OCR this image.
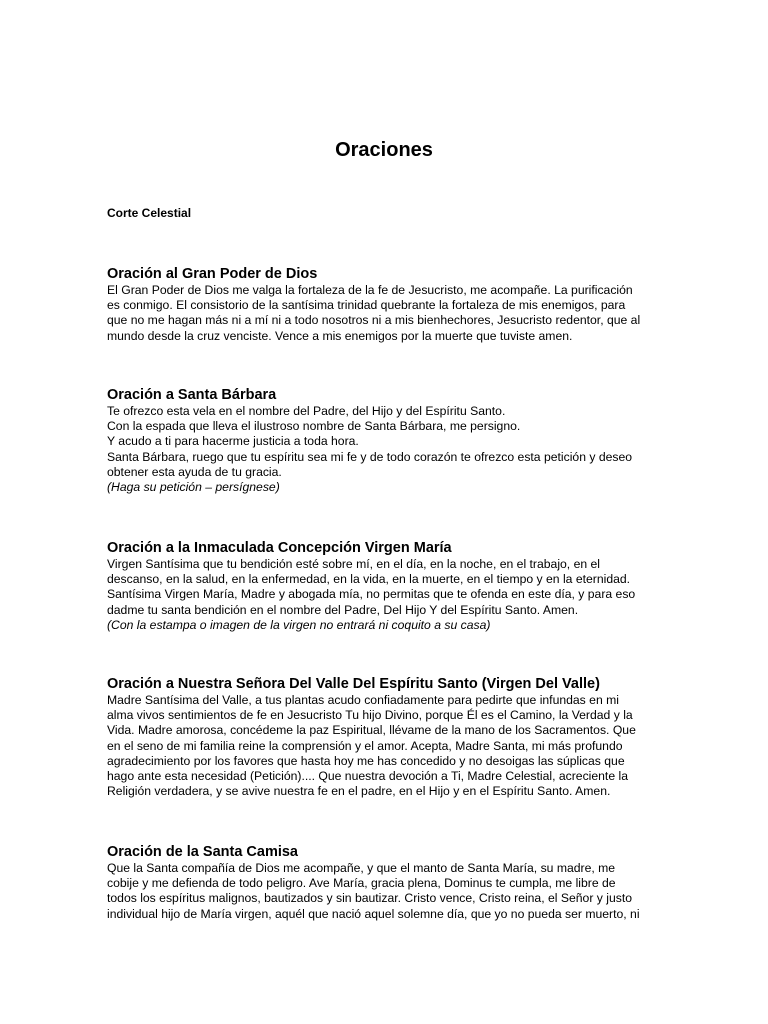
Oraciones
Corte Celestial
Oración al Gran Poder de Dios
El Gran Poder de Dios me valga la fortaleza de la fe de Jesucristo, me acompañe. La purificación
es conmigo. El consistorio de la santísima trinidad quebrante la fortaleza de mis enemigos, para
que no me hagan más ni a mí ni a todo nosotros ni a mis bienhechores, Jesucristo redentor, que al
mundo desde la cruz venciste. Vence a mis enemigos por la muerte que tuviste amen.
Oración a Santa Bárbara
Te ofrezco esta vela en el nombre del Padre, del Hijo y del Espíritu Santo.
Con la espada que lleva el ilustroso nombre de Santa Bárbara, me persigno.
Y acudo a ti para hacerme justicia a toda hora.
Santa Bárbara, ruego que tu espíritu sea mi fe y de todo corazón te ofrezco esta petición y deseo
obtener esta ayuda de tu gracia.
(Haga su petición – persígnese)
Oración a la Inmaculada Concepción Virgen María
Virgen Santísima que tu bendición esté sobre mí, en el día, en la noche, en el trabajo, en el
descanso, en la salud, en la enfermedad, en la vida, en la muerte, en el tiempo y en la eternidad.
Santísima Virgen María, Madre y abogada mía, no permitas que te ofenda en este día, y para eso
dadme tu santa bendición en el nombre del Padre, Del Hijo Y del Espíritu Santo. Amen.
(Con la estampa o imagen de la virgen no entrará ni coquito a su casa)
Oración a Nuestra Señora Del Valle Del Espíritu Santo (Virgen Del Valle)
Madre Santísima del Valle, a tus plantas acudo confiadamente para pedirte que infundas en mi
alma vivos sentimientos de fe en Jesucristo Tu hijo Divino, porque Él es el Camino, la Verdad y la
Vida. Madre amorosa, concédeme la paz Espiritual, llévame de la mano de los Sacramentos. Que
en el seno de mi familia reine la comprensión y el amor. Acepta, Madre Santa, mi más profundo
agradecimiento por los favores que hasta hoy me has concedido y no desoigas las súplicas que
hago ante esta necesidad (Petición).... Que nuestra devoción a Ti, Madre Celestial, acreciente la
Religión verdadera, y se avive nuestra fe en el padre, en el Hijo y en el Espíritu Santo. Amen.
Oración de la Santa Camisa
Que la Santa compañía de Dios me acompañe, y que el manto de Santa María, su madre, me
cobije y me defienda de todo peligro. Ave María, gracia plena, Dominus te cumpla, me libre de
todos los espíritus malignos, bautizados y sin bautizar. Cristo vence, Cristo reina, el Señor y justo
individual hijo de María virgen, aquél que nació aquel solemne día, que yo no pueda ser muerto, ni
